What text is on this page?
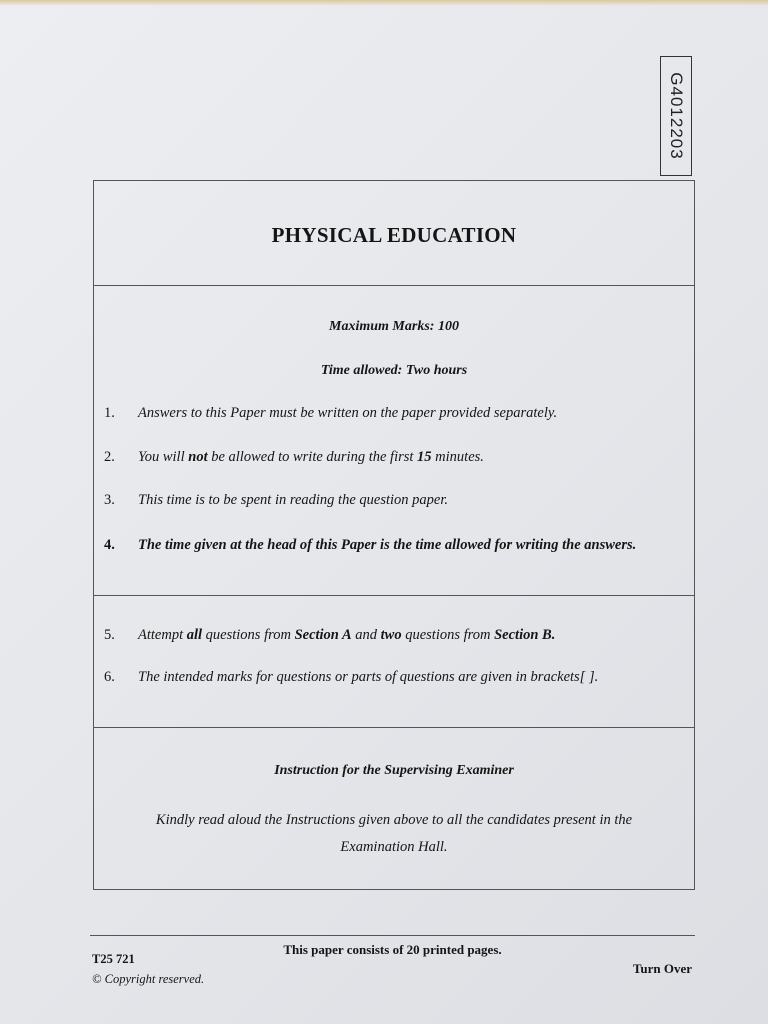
G4012203
PHYSICAL EDUCATION
Maximum Marks: 100
Time allowed: Two hours
1. Answers to this Paper must be written on the paper provided separately.
2. You will not be allowed to write during the first 15 minutes.
3. This time is to be spent in reading the question paper.
4. The time given at the head of this Paper is the time allowed for writing the answers.
5. Attempt all questions from Section A and two questions from Section B.
6. The intended marks for questions or parts of questions are given in brackets[ ].
Instruction for the Supervising Examiner
Kindly read aloud the Instructions given above to all the candidates present in the Examination Hall.
This paper consists of 20 printed pages.
T25 721
© Copyright reserved.
Turn Over
